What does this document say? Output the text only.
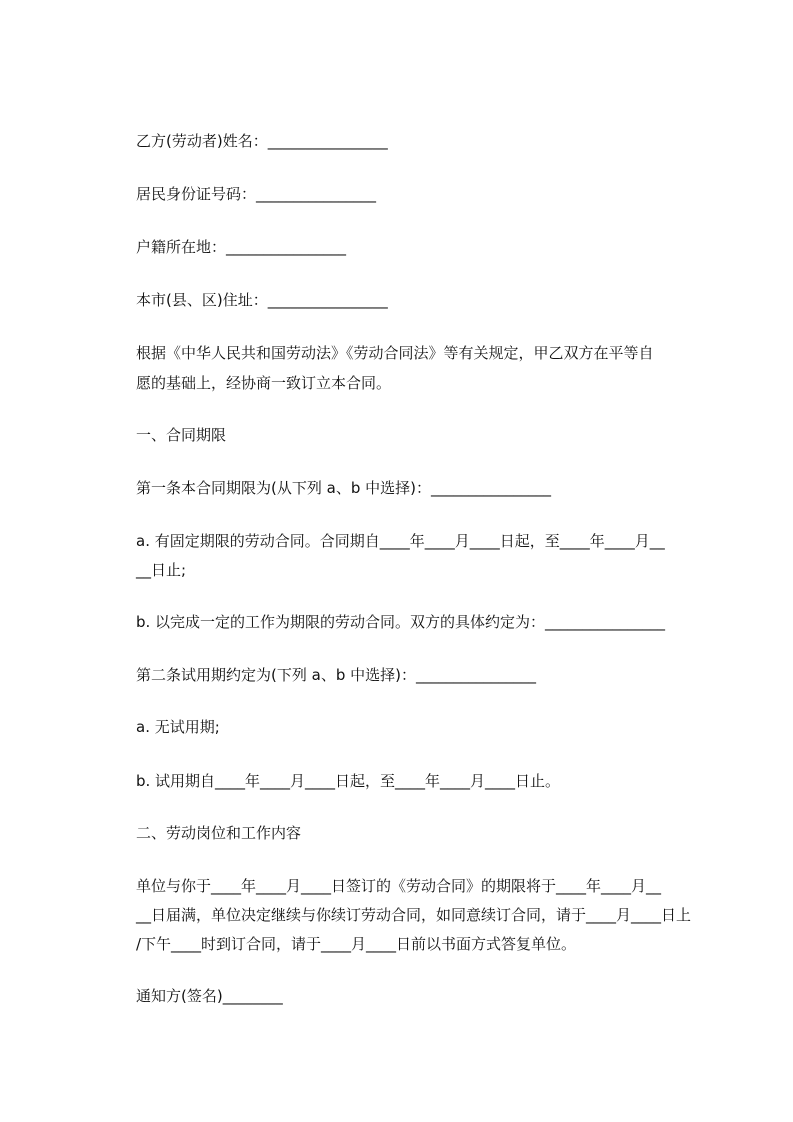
乙方(劳动者)姓名：________________
居民身份证号码：________________
户籍所在地：________________
本市(县、区)住址：________________
根据《中华人民共和国劳动法》《劳动合同法》等有关规定，甲乙双方在平等自
愿的基础上，经协商一致订立本合同。
一、合同期限
第一条本合同期限为(从下列 a、b 中选择)：________________
a. 有固定期限的劳动合同。合同期自____年____月____日起，至____年____月__
__日止;
b. 以完成一定的工作为期限的劳动合同。双方的具体约定为：________________
第二条试用期约定为(下列 a、b 中选择)：________________
a. 无试用期;
b. 试用期自____年____月____日起，至____年____月____日止。
二、劳动岗位和工作内容
单位与你于____年____月____日签订的《劳动合同》的期限将于____年____月__
__日届满，单位决定继续与你续订劳动合同，如同意续订合同，请于____月____日上
/下午____时到订合同，请于____月____日前以书面方式答复单位。
通知方(签名)________
